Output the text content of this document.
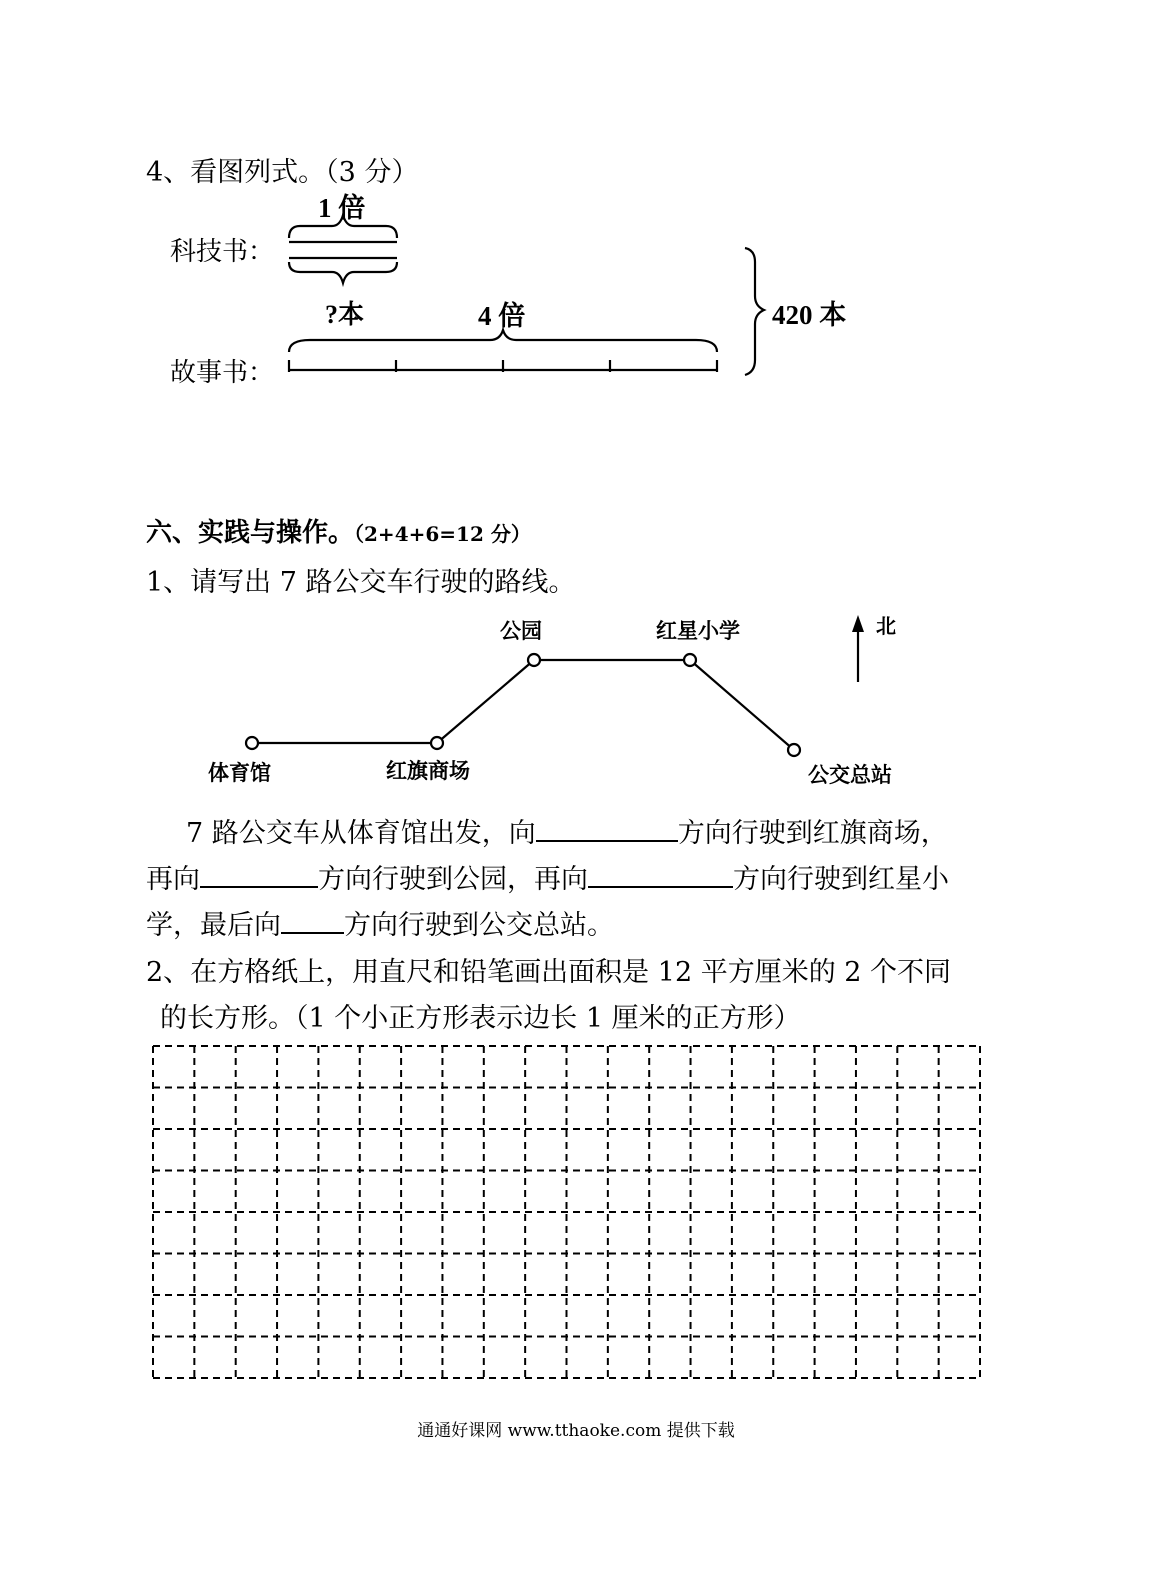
4、看图列式。（3 分）
1 倍
科技书：
?本	4 倍
故事书：
420 本
六、实践与操作。（2+4+6=12 分）
1、请写出 7 路公交车行驶的路线。
北
体育馆	红旗商场
公园	红星小学
公交总站
7 路公交车从体育馆出发，向	方向行驶到红旗商场，
再向	方向行驶到公园，再向	方向行驶到红星小
学，最后向 方向行驶到公交总站。
2、在方格纸上，用直尺和铅笔画出面积是 12 平方厘米的 2 个不同
的长方形。（1 个小正方形表示边长 1 厘米的正方形）
通通好课网 www.tthaoke.com 提供下载
